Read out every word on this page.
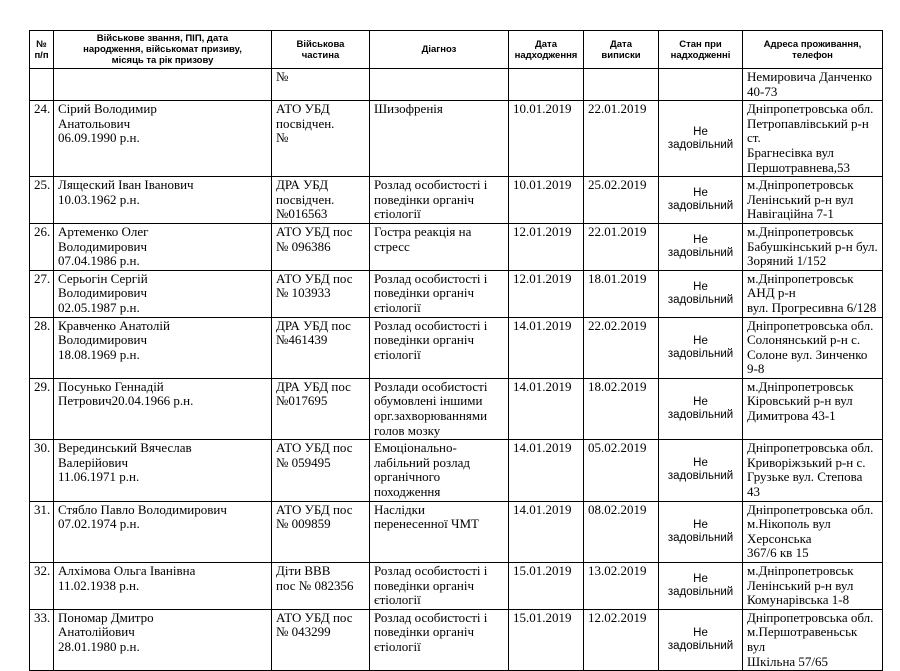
№
п/п	Військове звання, ПІП, дата
народження, військомат призиву,
місяць та рік призову	Військова
частина	Діагноз	Дата
надходження	Дата
виписки	Стан при
надходженні	Адреса проживання, телефон
		№					Немировича Данченко 40-73
24.	Сірий Володимир
Анатольович
06.09.1990 р.н.	АТО УБД
посвідчен.
№	Шизофренія	10.01.2019	22.01.2019	Не
задовільний	Дніпропетровська обл.
Петропавлівський р-н ст.
Брагнесівка вул
Першотравнева,53
25.	Лящеский Іван Іванович
10.03.1962 р.н.	ДРА УБД
посвідчен.
№016563	Розлад особистості і
поведінки органіч
єтіології	10.01.2019	25.02.2019	Не
задовільний	м.Дніпропетровськ
Ленінський р-н вул
Навігаційна 7-1
26.	Артеменко Олег
Володимирович
07.04.1986 р.н.	АТО УБД пос
№ 096386	Гостра реакція на
стресс	12.01.2019	22.01.2019	Не
задовільний	м.Дніпропетровськ
Бабушкінський р-н бул.
Зоряний 1/152
27.	Серьогін Сергій
Володимирович
02.05.1987 р.н.	АТО УБД пос
№ 103933	Розлад особистості і
поведінки органіч
єтіології	12.01.2019	18.01.2019	Не
задовільний	м.Дніпропетровськ АНД р-н
вул. Прогресивна 6/128
28.	Кравченко Анатолій
Володимирович
18.08.1969 р.н.	ДРА УБД пос
№461439	Розлад особистості і
поведінки органіч
єтіології	14.01.2019	22.02.2019	Не
задовільний	Дніпропетровська обл.
Солонянський р-н с.
Солоне вул. Зинченко 9-8
29.	Посунько Геннадій
Петрович20.04.1966 р.н.	ДРА УБД пос
№017695	Розлади особистості
обумовлені іншими
орг.захворюваннями
голов мозку	14.01.2019	18.02.2019	Не
задовільний	м.Дніпропетровськ
Кіровський р-н вул
Димитрова 43-1
30.	Веpединський Вячеслав
Валерійович
11.06.1971 р.н.	АТО УБД пос
№ 059495	Емоціонально-
лабільний розлад
органічного
походження	14.01.2019	05.02.2019	Не
задовільний	Дніпропетровська обл.
Криворіжзький р-н с.
Грузьке вул. Степова 43
31.	Стябло Павло Володимирович
07.02.1974 р.н.	АТО УБД пос
№ 009859	Наслідки
перенесенної ЧМТ	14.01.2019	08.02.2019	Не
задовільний	Дніпропетровська обл.
м.Нікополь вул Херсонська
367/6 кв 15
32.	Алхімова Ольга Іванівна
11.02.1938 р.н.	Діти ВВВ
пос № 082356	Розлад особистості і
поведінки органіч
єтіології	15.01.2019	13.02.2019	Не
задовільний	м.Дніпропетровськ
Ленінський р-н вул
Комунарівська 1-8
33.	Пономар Дмитро
Анатолійович
28.01.1980 р.н.	АТО УБД пос
№ 043299	Розлад особистості і
поведінки органіч
єтіології	15.01.2019	12.02.2019	Не
задовільний	Дніпропетровська обл.
м.Першотравеньськ вул
Шкільна 57/65
